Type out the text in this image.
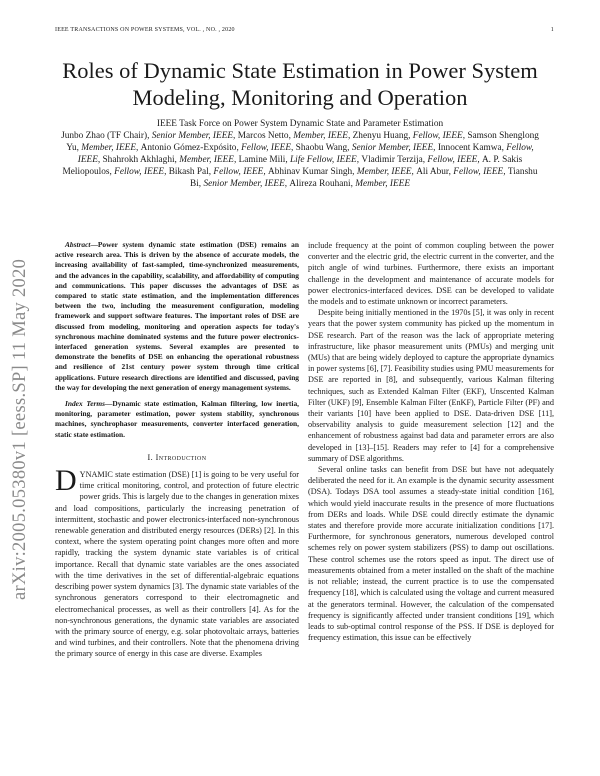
IEEE TRANSACTIONS ON POWER SYSTEMS, VOL. , NO. , 2020	1
arXiv:2005.05380v1 [eess.SP] 11 May 2020
Roles of Dynamic State Estimation in Power System Modeling, Monitoring and Operation
IEEE Task Force on Power System Dynamic State and Parameter Estimation
Junbo Zhao (TF Chair), Senior Member, IEEE, Marcos Netto, Member, IEEE, Zhenyu Huang, Fellow, IEEE, Samson Shenglong Yu, Member, IEEE, Antonio Gómez-Expósito, Fellow, IEEE, Shaobu Wang, Senior Member, IEEE, Innocent Kamwa, Fellow, IEEE, Shahrokh Akhlaghi, Member, IEEE, Lamine Mili, Life Fellow, IEEE, Vladimir Terzija, Fellow, IEEE, A. P. Sakis Meliopoulos, Fellow, IEEE, Bikash Pal, Fellow, IEEE, Abhinav Kumar Singh, Member, IEEE, Ali Abur, Fellow, IEEE, Tianshu Bi, Senior Member, IEEE, Alireza Rouhani, Member, IEEE

Abstract—Power system dynamic state estimation (DSE) remains an active research area. This is driven by the absence of accurate models, the increasing availability of fast-sampled, time-synchronized measurements, and the advances in the capability, scalability, and affordability of computing and communications. This paper discusses the advantages of DSE as compared to static state estimation, and the implementation differences between the two, including the measurement configuration, modeling framework and support software features. The important roles of DSE are discussed from modeling, monitoring and operation aspects for today's synchronous machine dominated systems and the future power electronics-interfaced generation systems. Several examples are presented to demonstrate the benefits of DSE on enhancing the operational robustness and resilience of 21st century power system through time critical applications. Future research directions are identified and discussed, paving the way for developing the next generation of energy management systems.

Index Terms—Dynamic state estimation, Kalman filtering, low inertia, monitoring, parameter estimation, power system stability, synchronous machines, synchrophasor measurements, converter interfaced generation, static state estimation.

I. Introduction

DYNAMIC state estimation (DSE) [1] is going to be very useful for time critical monitoring, control, and protection of future electric power grids. This is largely due to the changes in generation mixes and load compositions, particularly the increasing penetration of intermittent, stochastic and power electronics-interfaced non-synchronous renewable generation and distributed energy resources (DERs) [2]. In this context, where the system operating point changes more often and more rapidly, tracking the system dynamic state variables is of critical importance. Recall that dynamic state variables are the ones associated with the time derivatives in the set of differential-algebraic equations describing power system dynamics [3]. The dynamic state variables of the synchronous generators correspond to their electromagnetic and electromechanical processes, as well as their controllers [4]. As for the non-synchronous generations, the dynamic state variables are associated with the primary source of energy, e.g. solar photovoltaic arrays, batteries and wind turbines, and their controllers. Note that the phenomena driving the primary source of energy in this case are diverse. Examples

include frequency at the point of common coupling between the power converter and the electric grid, the electric current in the converter, and the pitch angle of wind turbines. Furthermore, there exists an important challenge in the development and maintenance of accurate models for power electronics-interfaced devices. DSE can be developed to validate the models and to estimate unknown or incorrect parameters.

Despite being initially mentioned in the 1970s [5], it was only in recent years that the power system community has picked up the momentum in DSE research. Part of the reason was the lack of appropriate metering infrastructure, like phasor measurement units (PMUs) and merging unit (MUs) that are being widely deployed to capture the appropriate dynamics in power systems [6], [7]. Feasibility studies using PMU measurements for DSE are reported in [8], and subsequently, various Kalman filtering techniques, such as Extended Kalman Filter (EKF), Unscented Kalman Filter (UKF) [9], Ensemble Kalman Filter (EnKF), Particle Filter (PF) and their variants [10] have been applied to DSE. Data-driven DSE [11], observability analysis to guide measurement selection [12] and the enhancement of robustness against bad data and parameter errors are also developed in [13]–[15]. Readers may refer to [4] for a comprehensive summary of DSE algorithms.

Several online tasks can benefit from DSE but have not adequately deliberated the need for it. An example is the dynamic security assessment (DSA). Todays DSA tool assumes a steady-state initial condition [16], which would yield inaccurate results in the presence of more fluctuations from DERs and loads. While DSE could directly estimate the dynamic states and therefore provide more accurate initialization conditions [17]. Furthermore, for synchronous generators, numerous developed control schemes rely on power system stabilizers (PSS) to damp out oscillations. These control schemes use the rotors speed as input. The direct use of measurements obtained from a meter installed on the shaft of the machine is not reliable; instead, the current practice is to use the compensated frequency [18], which is calculated using the voltage and current measured at the generators terminal. However, the calculation of the compensated frequency is significantly affected under transient conditions [19], which leads to sub-optimal control response of the PSS. If DSE is deployed for frequency estimation, this issue can be effectively
